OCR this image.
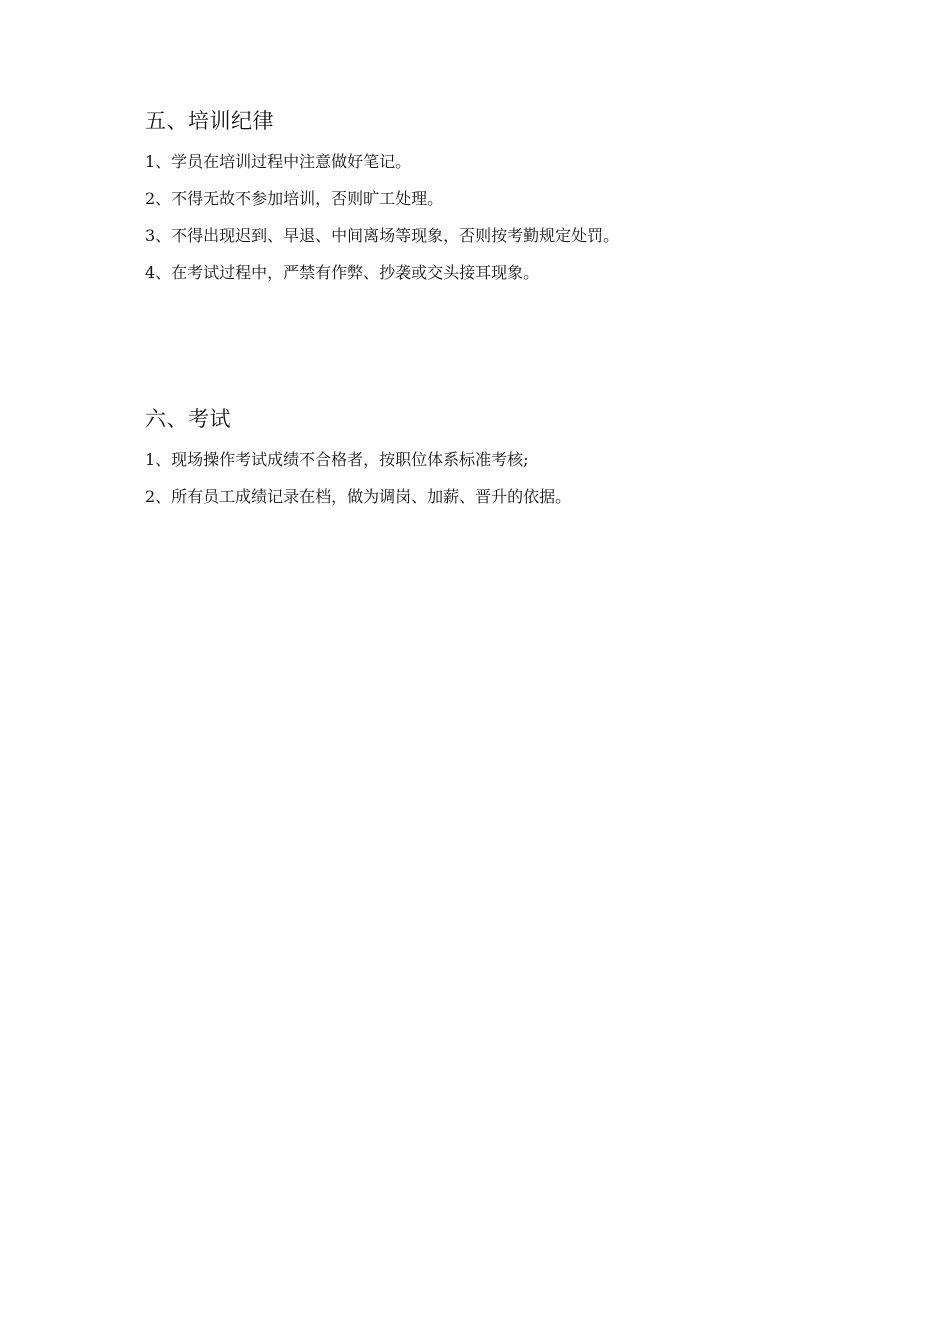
五、培训纪律

1、学员在培训过程中注意做好笔记。

2、不得无故不参加培训，否则旷工处理。

3、不得出现迟到、早退、中间离场等现象，否则按考勤规定处罚。

4、在考试过程中，严禁有作弊、抄袭或交头接耳现象。

六、考试

1、现场操作考试成绩不合格者，按职位体系标准考核;

2、所有员工成绩记录在档，做为调岗、加薪、晋升的依据。
